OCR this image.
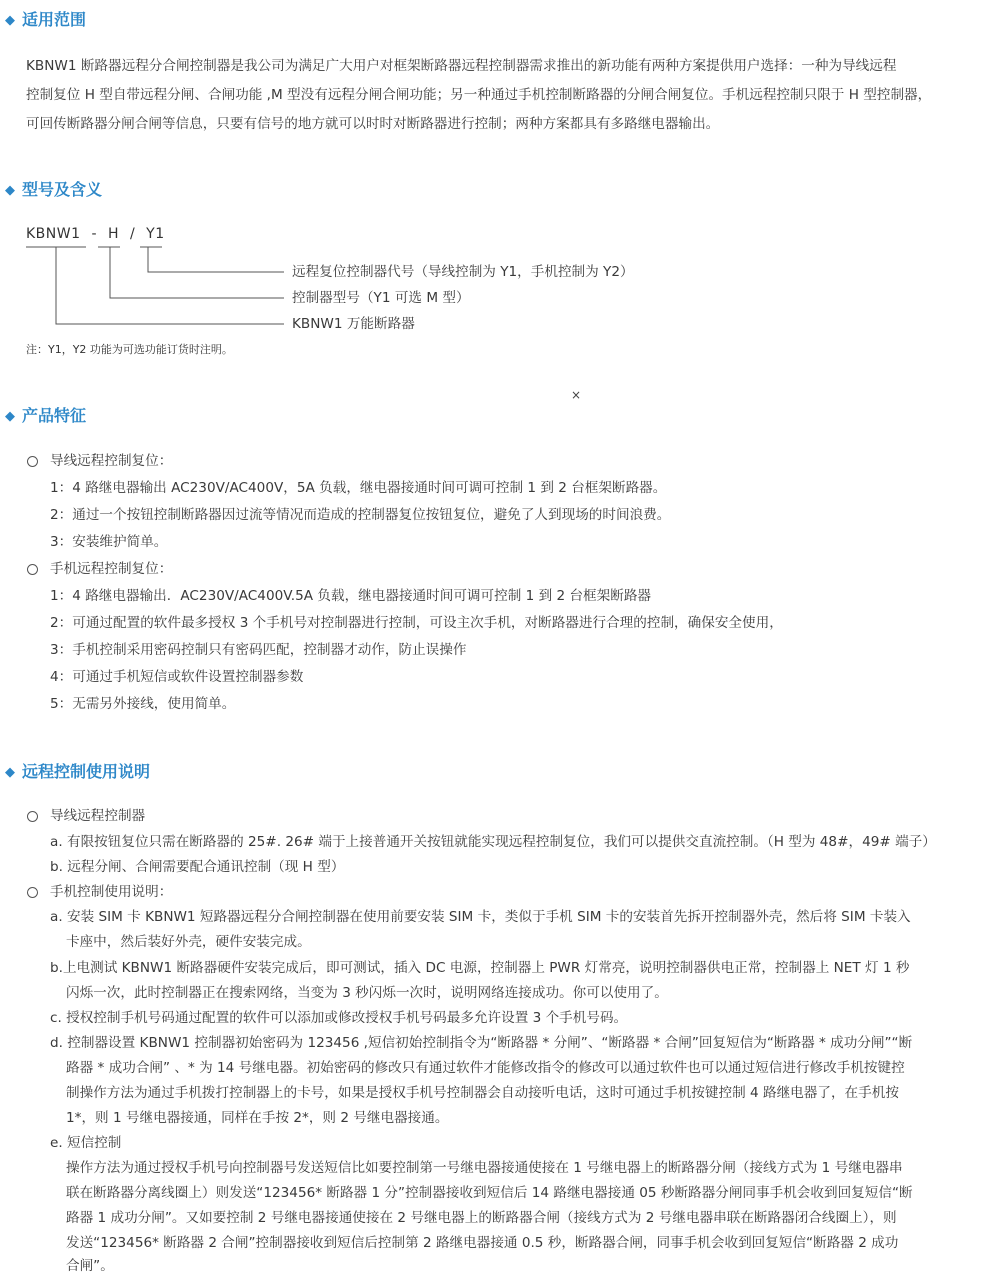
◆ 适用范围

KBNW1 断路器远程分合闸控制器是我公司为满足广大用户对框架断路器远程控制器需求推出的新功能有两种方案提供用户选择：一种为导线远程

控制复位 H 型自带远程分闸、合闸功能 ,M 型没有远程分闸合闸功能；另一种通过手机控制断路器的分闸合闸复位。手机远程控制只限于 H 型控制器，

可回传断路器分闸合闸等信息，只要有信号的地方就可以时时对断路器进行控制；两种方案都具有多路继电器输出。

◆ 型号及含义
KBNW1 - H / Y1
远程复位控制器代号（导线控制为 Y1，手机控制为 Y2）
控制器型号（Y1 可选 M 型）
KBNW1 万能断路器
注：Y1，Y2 功能为可选功能订货时注明。
×
◆ 产品特征
导线远程控制复位：
1：4 路继电器输出 AC230V/AC400V，5A 负载，继电器接通时间可调可控制 1 到 2 台框架断路器。
2：通过一个按钮控制断路器因过流等情况而造成的控制器复位按钮复位，避免了人到现场的时间浪费。
3：安装维护简单。
手机远程控制复位：
1：4 路继电器输出．AC230V/AC400V.5A 负载，继电器接通时间可调可控制 1 到 2 台框架断路器
2：可通过配置的软件最多授权 3 个手机号对控制器进行控制，可设主次手机，对断路器进行合理的控制，确保安全使用，
3：手机控制采用密码控制只有密码匹配，控制器才动作，防止误操作
4：可通过手机短信或软件设置控制器参数
5：无需另外接线，使用简单。
◆ 远程控制使用说明
导线远程控制器
a. 有限按钮复位只需在断路器的 25#. 26# 端于上接普通开关按钮就能实现远程控制复位，我们可以提供交直流控制。（H 型为 48#，49# 端子）
b. 远程分闸、合闸需要配合通讯控制（现 H 型）
手机控制使用说明：
a. 安装 SIM 卡 KBNW1 短路器远程分合闸控制器在使用前要安装 SIM 卡，类似于手机 SIM 卡的安装首先拆开控制器外壳，然后将 SIM 卡装入
卡座中，然后装好外壳，硬件安装完成。
b.上电测试 KBNW1 断路器硬件安装完成后，即可测试，插入 DC 电源，控制器上 PWR 灯常亮，说明控制器供电正常，控制器上 NET 灯 1 秒
闪烁一次，此时控制器正在搜索网络，当变为 3 秒闪烁一次时，说明网络连接成功。你可以使用了。
c. 授权控制手机号码通过配置的软件可以添加或修改授权手机号码最多允许设置 3 个手机号码。
d. 控制器设置 KBNW1 控制器初始密码为 123456 ,短信初始控制指令为“断路器 * 分闸”、“断路器 * 合闸”回复短信为“断路器 * 成功分闸”“断
路器 * 成功合闸” 、* 为 14 号继电器。初始密码的修改只有通过软件才能修改指令的修改可以通过软件也可以通过短信进行修改手机按键控
制操作方法为通过手机拨打控制器上的卡号，如果是授权手机号控制器会自动接听电话，这时可通过手机按键控制 4 路继电器了，在手机按
1*，则 1 号继电器接通，同样在手按 2*，则 2 号继电器接通。
e. 短信控制
操作方法为通过授权手机号向控制器号发送短信比如要控制第一号继电器接通使接在 1 号继电器上的断路器分闸（接线方式为 1 号继电器串
联在断路器分离线圈上）则发送“123456* 断路器 1 分”控制器接收到短信后 14 路继电器接通 05 秒断路器分闸同事手机会收到回复短信“断
路器 1 成功分闸”。又如要控制 2 号继电器接通使接在 2 号继电器上的断路器合闸（接线方式为 2 号继电器串联在断路器闭合线圈上），则
发送“123456* 断路器 2 合闸”控制器接收到短信后控制第 2 路继电器接通 0.5 秒，断路器合闸，同事手机会收到回复短信“断路器 2 成功
合闸”。
